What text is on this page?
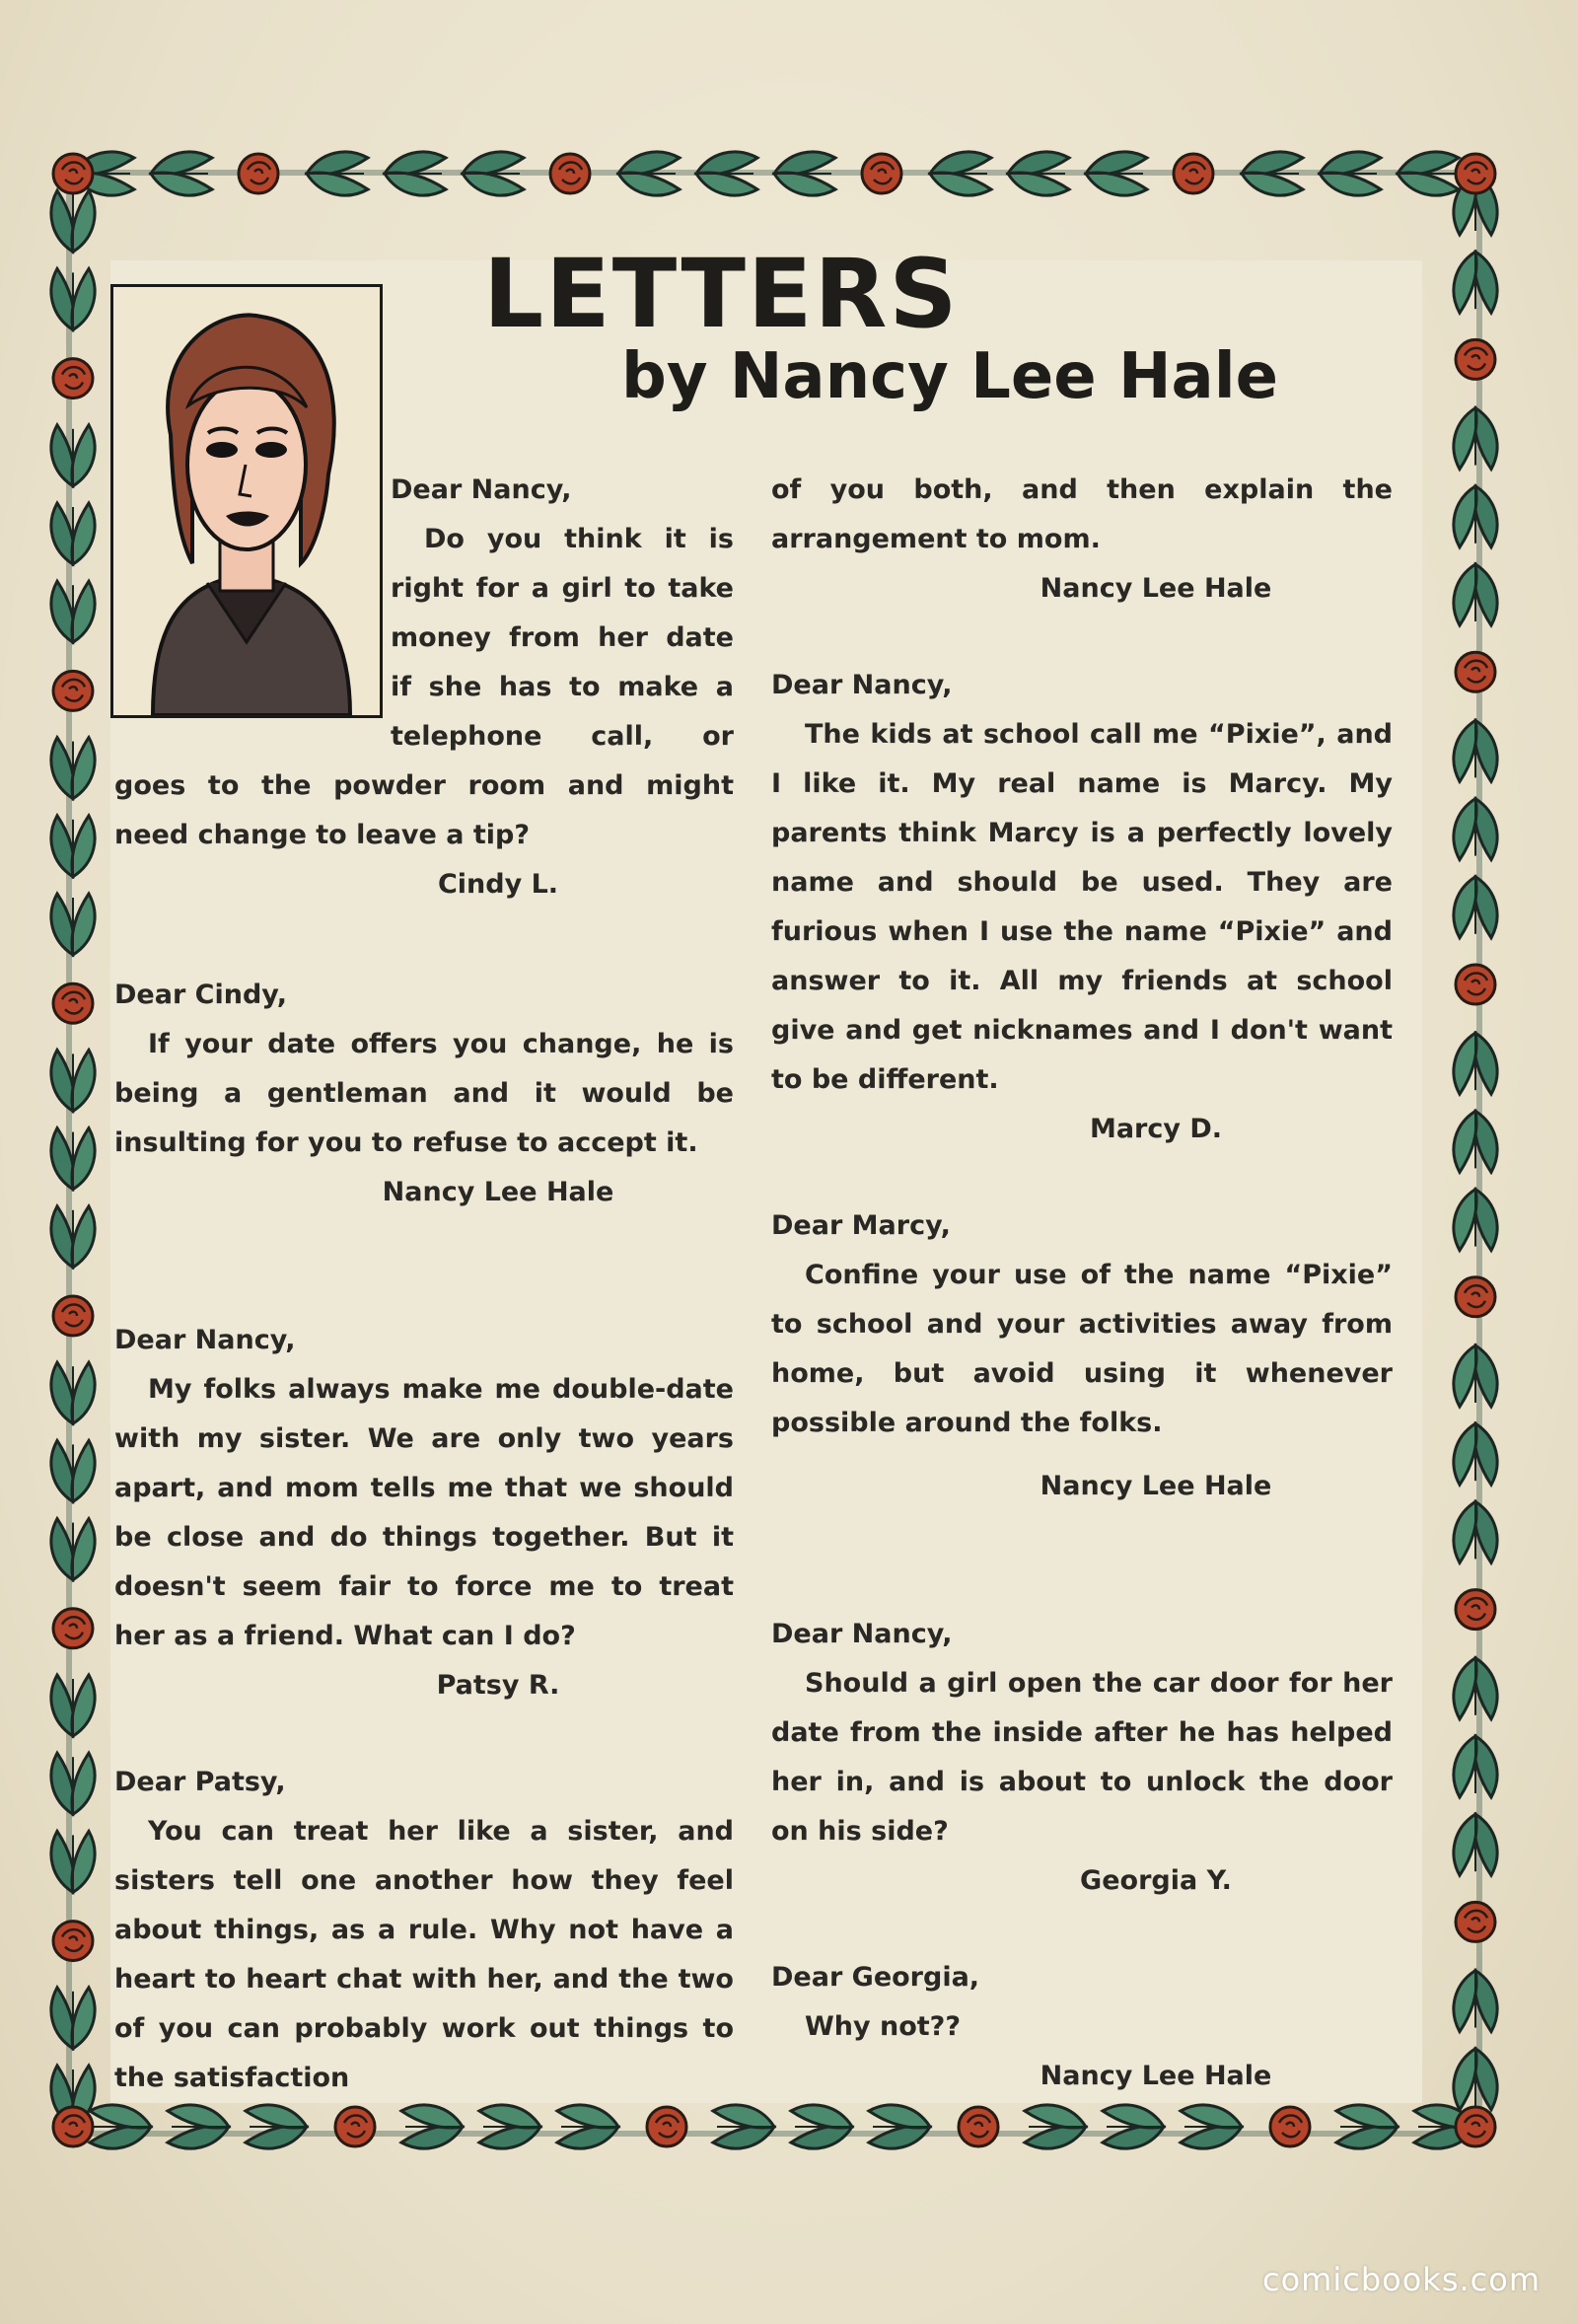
LETTERS
by Nancy Lee Hale

Dear Nancy,

Do you think it is right for a girl to take money from her date if she has to make a telephone call, or goes to the powder room and might need change to leave a tip?

Cindy L.

Dear Cindy,

If your date offers you change, he is being a gentleman and it would be insulting for you to refuse to accept it.

Nancy Lee Hale

Dear Nancy,

My folks always make me double-date with my sister. We are only two years apart, and mom tells me that we should be close and do things together. But it doesn't seem fair to force me to treat her as a friend. What can I do?

Patsy R.

Dear Patsy,

You can treat her like a sister, and sisters tell one another how they feel about things, as a rule. Why not have a heart to heart chat with her, and the two of you can probably work out things to the satisfaction

of you both, and then explain the arrangement to mom.

Nancy Lee Hale

Dear Nancy,

The kids at school call me “Pixie”, and I like it. My real name is Marcy. My parents think Marcy is a perfectly lovely name and should be used. They are furious when I use the name “Pixie” and answer to it. All my friends at school give and get nicknames and I don't want to be different.

Marcy D.

Dear Marcy,

Confine your use of the name “Pixie” to school and your activities away from home, but avoid using it whenever possible around the folks.

Nancy Lee Hale

Dear Nancy,

Should a girl open the car door for her date from the inside after he has helped her in, and is about to unlock the door on his side?

Georgia Y.

Dear Georgia,

Why not??

Nancy Lee Hale

comicbooks.com
